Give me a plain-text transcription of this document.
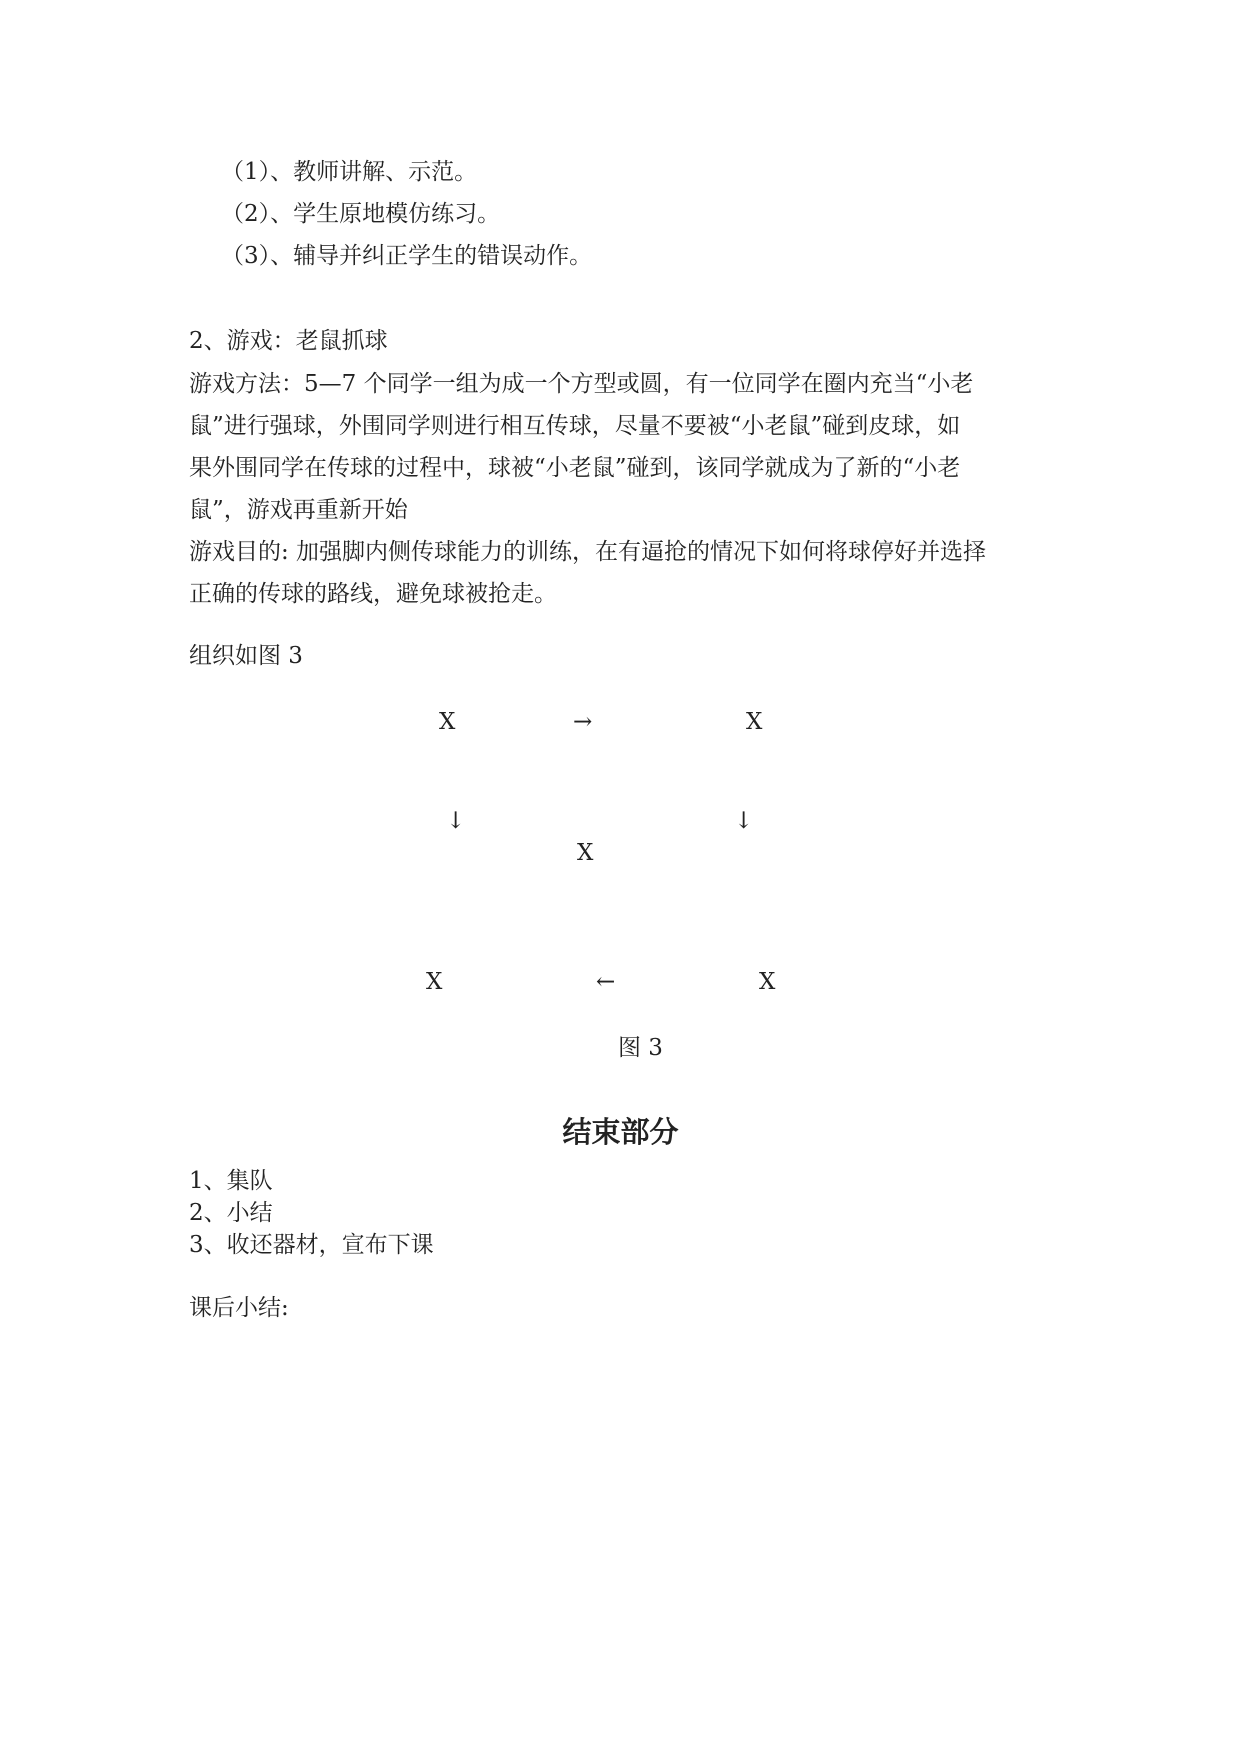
（1）、教师讲解、示范。
（2）、学生原地模仿练习。
（3）、辅导并纠正学生的错误动作。
2、游戏：老鼠抓球
游戏方法：5—7 个同学一组为成一个方型或圆，有一位同学在圈内充当“小老
鼠”进行强球，外围同学则进行相互传球，尽量不要被“小老鼠”碰到皮球，如
果外围同学在传球的过程中，球被“小老鼠”碰到，该同学就成为了新的“小老
鼠”，游戏再重新开始
游戏目的: 加强脚内侧传球能力的训练，在有逼抢的情况下如何将球停好并选择
正确的传球的路线，避免球被抢走。
组织如图 3
X	→	X
↓	↓
X
X	←	X
图 3
结束部分
1、集队
2、小结
3、收还器材，宣布下课
课后小结:
